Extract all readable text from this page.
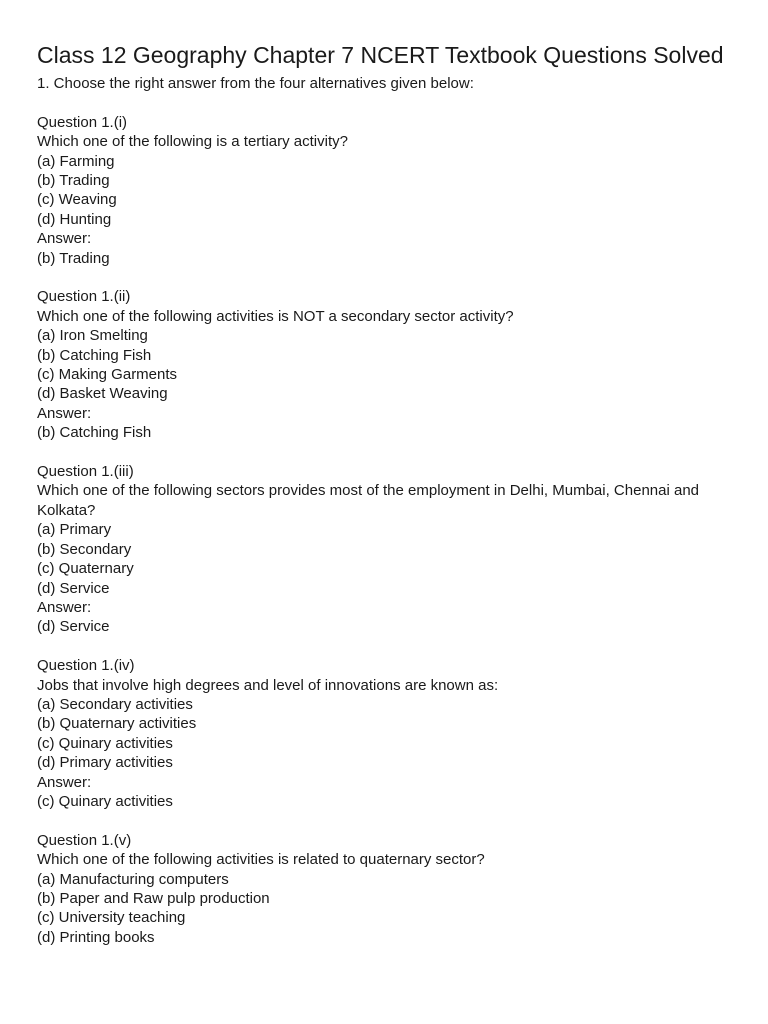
Class 12 Geography Chapter 7 NCERT Textbook Questions Solved

1. Choose the right answer from the four alternatives given below:

Question 1.(i)

Which one of the following is a tertiary activity?

(a) Farming

(b) Trading

(c) Weaving

(d) Hunting

Answer:

(b) Trading

Question 1.(ii)

Which one of the following activities is NOT a secondary sector activity?

(a) Iron Smelting

(b) Catching Fish

(c) Making Garments

(d) Basket Weaving

Answer:

(b) Catching Fish

Question 1.(iii)

Which one of the following sectors provides most of the employment in Delhi, Mumbai, Chennai and Kolkata?

(a) Primary

(b) Secondary

(c) Quaternary

(d) Service

Answer:

(d) Service

Question 1.(iv)

Jobs that involve high degrees and level of innovations are known as:

(a) Secondary activities

(b) Quaternary activities

(c) Quinary activities

(d) Primary activities

Answer:

(c) Quinary activities

Question 1.(v)

Which one of the following activities is related to quaternary sector?

(a) Manufacturing computers

(b) Paper and Raw pulp production

(c) University teaching

(d) Printing books
